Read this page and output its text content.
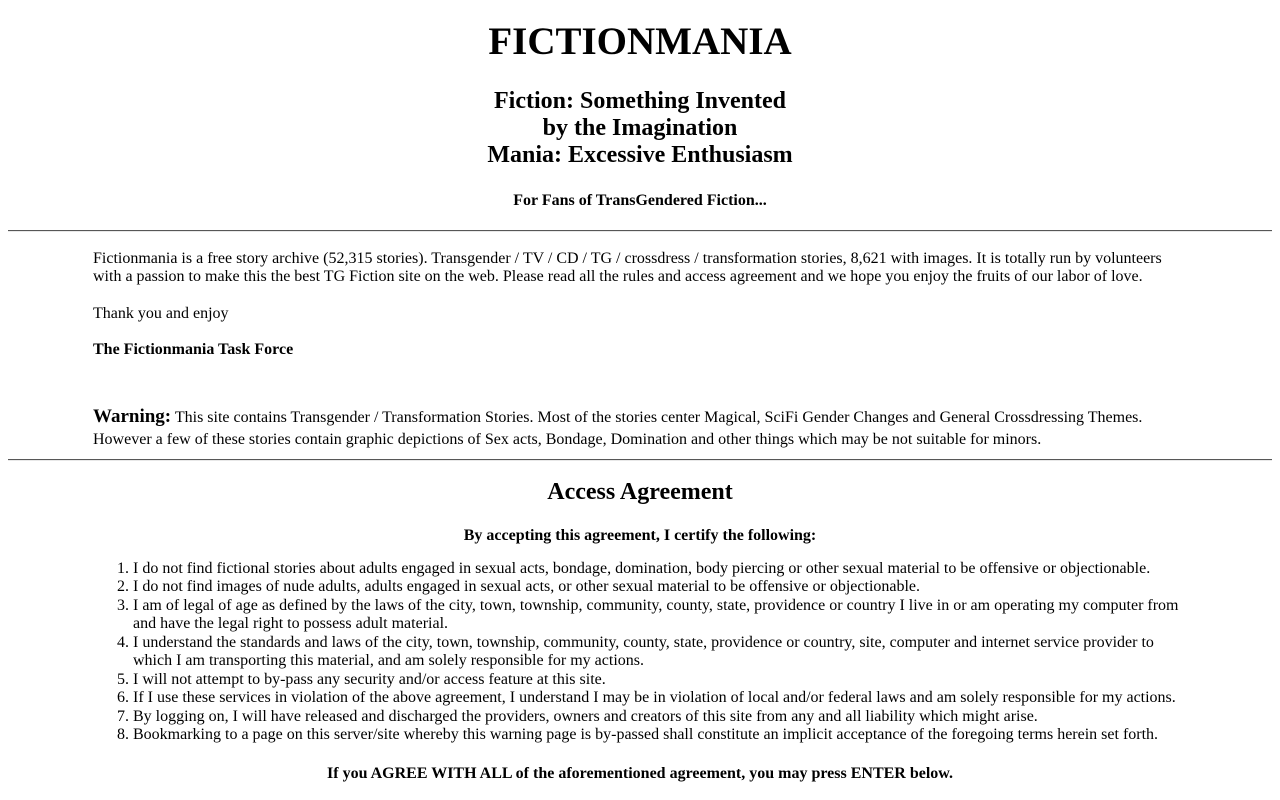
FICTIONMANIA
Fiction: Something Invented
by the Imagination
Mania: Excessive Enthusiasm

For Fans of TransGendered Fiction...

Fictionmania is a free story archive (52,315 stories). Transgender / TV / CD / TG / crossdress / transformation stories, 8,621 with images. It is totally run by volunteers with a passion to make this the best TG Fiction site on the web. Please read all the rules and access agreement and we hope you enjoy the fruits of our labor of love.

Thank you and enjoy

The Fictionmania Task Force

Warning: This site contains Transgender / Transformation Stories. Most of the stories center Magical, SciFi Gender Changes and General Crossdressing Themes. However a few of these stories contain graphic depictions of Sex acts, Bondage, Domination and other things which may be not suitable for minors.

Access Agreement

By accepting this agreement, I certify the following:

1. I do not find fictional stories about adults engaged in sexual acts, bondage, domination, body piercing or other sexual material to be offensive or objectionable.
2. I do not find images of nude adults, adults engaged in sexual acts, or other sexual material to be offensive or objectionable.
3. I am of legal of age as defined by the laws of the city, town, township, community, county, state, providence or country I live in or am operating my computer from and have the legal right to possess adult material.
4. I understand the standards and laws of the city, town, township, community, county, state, providence or country, site, computer and internet service provider to which I am transporting this material, and am solely responsible for my actions.
5. I will not attempt to by-pass any security and/or access feature at this site.
6. If I use these services in violation of the above agreement, I understand I may be in violation of local and/or federal laws and am solely responsible for my actions.
7. By logging on, I will have released and discharged the providers, owners and creators of this site from any and all liability which might arise.
8. Bookmarking to a page on this server/site whereby this warning page is by-passed shall constitute an implicit acceptance of the foregoing terms herein set forth.

If you AGREE WITH ALL of the aforementioned agreement, you may press ENTER below.
